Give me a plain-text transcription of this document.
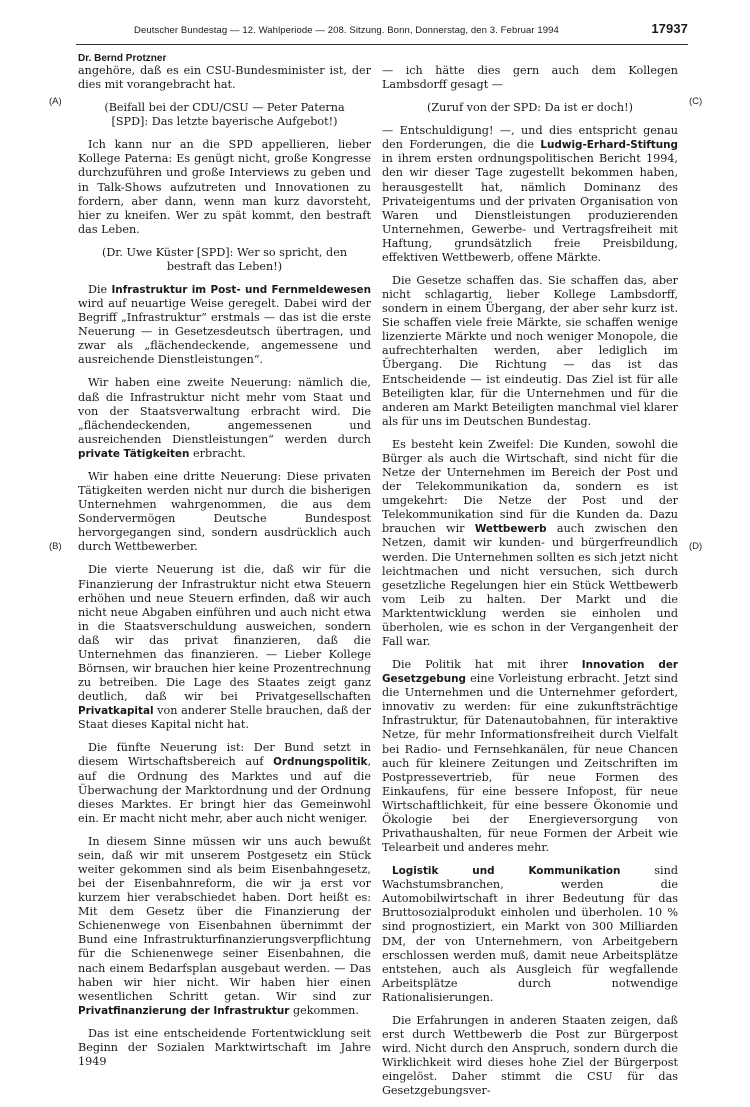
Deutscher Bundestag — 12. Wahlperiode — 208. Sitzung. Bonn, Donnerstag, den 3. Februar 1994	17937
Dr. Bernd Protzner
(A)
(B)
(C)
(D)

angehöre, daß es ein CSU-Bundesminister ist, der dies mit vorangebracht hat.

(Beifall bei der CDU/CSU — Peter Paterna [SPD]: Das letzte bayerische Aufgebot!)

Ich kann nur an die SPD appellieren, lieber Kollege Paterna: Es genügt nicht, große Kongresse durchzuführen und große Interviews zu geben und in Talk-Shows aufzutreten und Innovationen zu fordern, aber dann, wenn man kurz davorsteht, hier zu kneifen. Wer zu spät kommt, den bestraft das Leben.

(Dr. Uwe Küster [SPD]: Wer so spricht, den bestraft das Leben!)

Die Infrastruktur im Post- und Fernmeldewesen wird auf neuartige Weise geregelt. Dabei wird der Begriff „Infrastruktur“ erstmals — das ist die erste Neuerung — in Gesetzesdeutsch übertragen, und zwar als „flächendeckende, angemessene und ausreichende Dienstleistungen“.

Wir haben eine zweite Neuerung: nämlich die, daß die Infrastruktur nicht mehr vom Staat und von der Staatsverwaltung erbracht wird. Die „flächendeckenden, angemessenen und ausreichenden Dienstleistungen“ werden durch private Tätigkeiten erbracht.

Wir haben eine dritte Neuerung: Diese privaten Tätigkeiten werden nicht nur durch die bisherigen Unternehmen wahrgenommen, die aus dem Sondervermögen Deutsche Bundespost hervorgegangen sind, sondern ausdrücklich auch durch Wettbewerber.

Die vierte Neuerung ist die, daß wir für die Finanzierung der Infrastruktur nicht etwa Steuern erhöhen und neue Steuern erfinden, daß wir auch nicht neue Abgaben einführen und auch nicht etwa in die Staatsverschuldung ausweichen, sondern daß wir das privat finanzieren, daß die Unternehmen das finanzieren. — Lieber Kollege Börnsen, wir brauchen hier keine Prozentrechnung zu betreiben. Die Lage des Staates zeigt ganz deutlich, daß wir bei Privatgesellschaften Privatkapital von anderer Stelle brauchen, daß der Staat dieses Kapital nicht hat.

Die fünfte Neuerung ist: Der Bund setzt in diesem Wirtschaftsbereich auf Ordnungspolitik, auf die Ordnung des Marktes und auf die Überwachung der Marktordnung und der Ordnung dieses Marktes. Er bringt hier das Gemeinwohl ein. Er macht nicht mehr, aber auch nicht weniger.

In diesem Sinne müssen wir uns auch bewußt sein, daß wir mit unserem Postgesetz ein Stück weiter gekommen sind als beim Eisenbahngesetz, bei der Eisenbahnreform, die wir ja erst vor kurzem hier verabschiedet haben. Dort heißt es: Mit dem Gesetz über die Finanzierung der Schienenwege von Eisenbahnen übernimmt der Bund eine Infrastrukturfinanzierungsverpflichtung für die Schienenwege seiner Eisenbahnen, die nach einem Bedarfsplan ausgebaut werden. — Das haben wir hier nicht. Wir haben hier einen wesentlichen Schritt getan. Wir sind zur Privatfinanzierung der Infrastruktur gekommen.

Das ist eine entscheidende Fortentwicklung seit Beginn der Sozialen Marktwirtschaft im Jahre 1949

— ich hätte dies gern auch dem Kollegen Lambsdorff gesagt —

(Zuruf von der SPD: Da ist er doch!)

— Entschuldigung! —, und dies entspricht genau den Forderungen, die die Ludwig-Erhard-Stiftung in ihrem ersten ordnungspolitischen Bericht 1994, den wir dieser Tage zugestellt bekommen haben, herausgestellt hat, nämlich Dominanz des Privateigentums und der privaten Organisation von Waren und Dienstleistungen produzierenden Unternehmen, Gewerbe- und Vertragsfreiheit mit Haftung, grundsätzlich freie Preisbildung, effektiven Wettbewerb, offene Märkte.

Die Gesetze schaffen das. Sie schaffen das, aber nicht schlagartig, lieber Kollege Lambsdorff, sondern in einem Übergang, der aber sehr kurz ist. Sie schaffen viele freie Märkte, sie schaffen wenige lizenzierte Märkte und noch weniger Monopole, die aufrechterhalten werden, aber lediglich im Übergang. Die Richtung — das ist das Entscheidende — ist eindeutig. Das Ziel ist für alle Beteiligten klar, für die Unternehmen und für die anderen am Markt Beteiligten manchmal viel klarer als für uns im Deutschen Bundestag.

Es besteht kein Zweifel: Die Kunden, sowohl die Bürger als auch die Wirtschaft, sind nicht für die Netze der Unternehmen im Bereich der Post und der Telekommunikation da, sondern es ist umgekehrt: Die Netze der Post und der Telekommunikation sind für die Kunden da. Dazu brauchen wir Wettbewerb auch zwischen den Netzen, damit wir kunden- und bürgerfreundlich werden. Die Unternehmen sollten es sich jetzt nicht leichtmachen und nicht versuchen, sich durch gesetzliche Regelungen hier ein Stück Wettbewerb vom Leib zu halten. Der Markt und die Marktentwicklung werden sie einholen und überholen, wie es schon in der Vergangenheit der Fall war.

Die Politik hat mit ihrer Innovation der Gesetzgebung eine Vorleistung erbracht. Jetzt sind die Unternehmen und die Unternehmer gefordert, innovativ zu werden: für eine zukunftsträchtige Infrastruktur, für Datenautobahnen, für interaktive Netze, für mehr Informationsfreiheit durch Vielfalt bei Radio- und Fernsehkanälen, für neue Chancen auch für kleinere Zeitungen und Zeitschriften im Postpressevertrieb, für neue Formen des Einkaufens, für eine bessere Infopost, für neue Wirtschaftlichkeit, für eine bessere Ökonomie und Ökologie bei der Energieversorgung von Privathaushalten, für neue Formen der Arbeit wie Telearbeit und anderes mehr.

Logistik und Kommunikation sind Wachstumsbranchen, werden die Automobilwirtschaft in ihrer Bedeutung für das Bruttosozialprodukt einholen und überholen. 10 % sind prognostiziert, ein Markt von 300 Milliarden DM, der von Unternehmern, von Arbeitgebern erschlossen werden muß, damit neue Arbeitsplätze entstehen, auch als Ausgleich für wegfallende Arbeitsplätze durch notwendige Rationalisierungen.

Die Erfahrungen in anderen Staaten zeigen, daß erst durch Wettbewerb die Post zur Bürgerpost wird. Nicht durch den Anspruch, sondern durch die Wirklichkeit wird dieses hohe Ziel der Bürgerpost eingelöst. Daher stimmt die CSU für das Gesetzgebungsver-
